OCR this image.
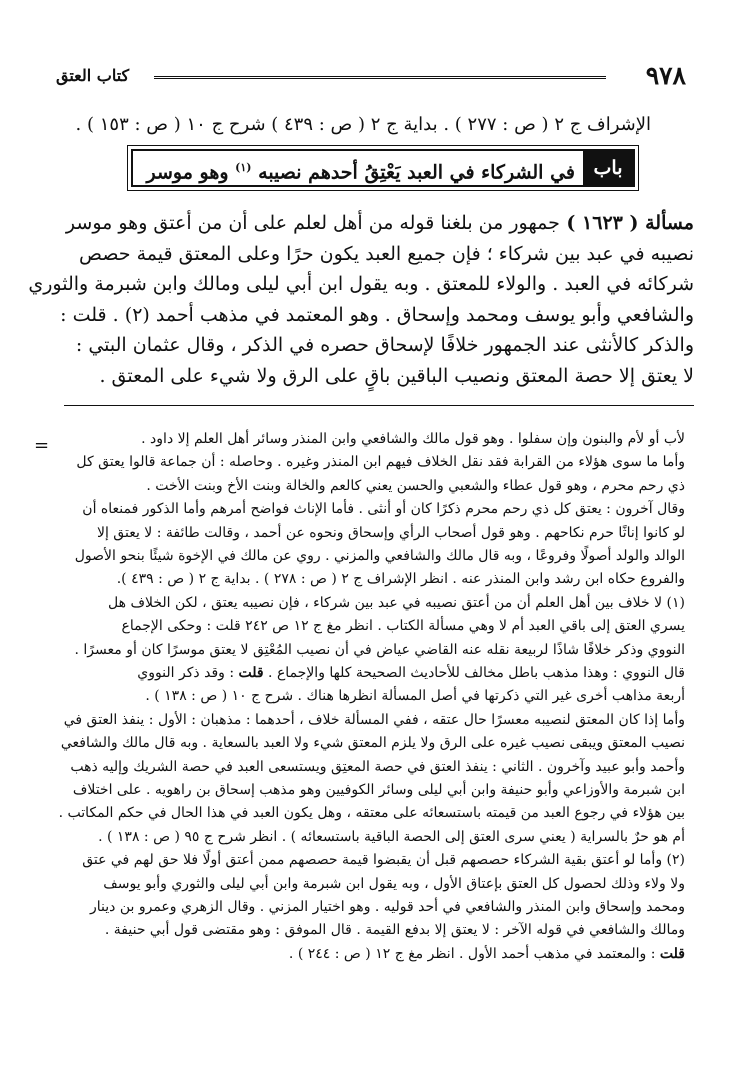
٩٧٨
كتاب العتق
الإشراف ج ٢ ( ص : ٢٧٧ ) . بداية ج ٢ ( ص : ٤٣٩ ) شرح ج ١٠ ( ص : ١٥٣ ) .
باب
في الشركاء في العبد يَعْتِقُ أحدهم نصيبه $^{(١)}$ وهو موسر
مسألة ( ١٦٢٣ ) جمهور من بلغنا قوله من أهل لعلم على أن من أعتق وهو موسر
نصيبه في عبد بين شركاء ؛ فإن جميع العبد يكون حرًا وعلى المعتق قيمة حصص
شركائه في العبد . والولاء للمعتق . وبه يقول ابن أبي ليلى ومالك وابن شبرمة والثوري
والشافعي وأبو يوسف ومحمد وإسحاق . وهو المعتمد في مذهب أحمد (٢) . قلت :
والذكر كالأنثى عند الجمهور خلافًا لإسحاق حصره في الذكر ، وقال عثمان البتي :
لا يعتق إلا حصة المعتق ونصيب الباقين باقٍ على الرق ولا شيء على المعتق .
=	لأب أو لأم والبنون وإن سفلوا . وهو قول مالك والشافعي وابن المنذر وسائر أهل العلم إلا داود .
وأما ما سوى هؤلاء من القرابة فقد نقل الخلاف فيهم ابن المنذر وغيره . وحاصله : أن جماعة قالوا يعتق كل
ذي رحم محرم ، وهو قول عطاء والشعبي والحسن يعني كالعم والخالة وبنت الأخ وبنت الأخت .
وقال آخرون : يعتق كل ذي رحم محرم ذكرًا كان أو أنثى . فأما الإناث فواضح أمرهم وأما الذكور فمنعاه أن
لو كانوا إناثًا حرم نكاحهم . وهو قول أصحاب الرأي وإسحاق ونحوه عن أحمد ، وقالت طائفة : لا يعتق إلا
الوالد والولد أصولًا وفروعًا ، وبه قال مالك والشافعي والمزني . روي عن مالك في الإخوة شيئًا بنحو الأصول
والفروع حكاه ابن رشد وابن المنذر عنه . انظر الإشراف ج ٢ ( ص : ٢٧٨ ) . بداية ج ٢ ( ص : ٤٣٩ ).
(١) لا خلاف بين أهل العلم أن من أعتق نصيبه في عبد بين شركاء ، فإن نصيبه يعتق ، لكن الخلاف هل
يسري العتق إلى باقي العبد أم لا وهي مسألة الكتاب . انظر مغ ج ١٢ ص ٢٤٢ قلت : وحكى الإجماع
النووي وذكر خلافًا شاذًا لربيعة نقله عنه القاضي عياض في أن نصيب المُعْتِق لا يعتق موسرًا كان أو معسرًا .
قال النووي : وهذا مذهب باطل مخالف للأحاديث الصحيحة كلها والإجماع . قلت : وقد ذكر النووي
أربعة مذاهب أخرى غير التي ذكرتها في أصل المسألة انظرها هناك . شرح ج ١٠ ( ص : ١٣٨ ) .
وأما إذا كان المعتق لنصيبه معسرًا حال عتقه ، ففي المسألة خلاف ، أحدهما : مذهبان : الأول : ينفذ العتق في
نصيب المعتق ويبقى نصيب غيره على الرق ولا يلزم المعتق شيء ولا العبد بالسعاية . وبه قال مالك والشافعي
وأحمد وأبو عبيد وآخرون . الثاني : ينفذ العتق في حصة المعتِق ويستسعى العبد في حصة الشريك وإليه ذهب
ابن شبرمة والأوزاعي وأبو حنيفة وابن أبي ليلى وسائر الكوفيين وهو مذهب إسحاق بن راهويه . على اختلاف
بين هؤلاء في رجوع العبد من قيمته باستسعائه على معتقه ، وهل يكون العبد في هذا الحال في حكم المكاتب .
أم هو حرٌ بالسراية ( يعني سرى العتق إلى الحصة الباقية باستسعائه ) . انظر شرح ج ٩٥ ( ص : ١٣٨ ) .
(٢) وأما لو أعتق بقية الشركاء حصصهم قبل أن يقبضوا قيمة حصصهم ممن أعتق أولًا فلا حق لهم في عتق
ولا ولاء وذلك لحصول كل العتق بإعتاق الأول ، وبه يقول ابن شبرمة وابن أبي ليلى والثوري وأبو يوسف
ومحمد وإسحاق وابن المنذر والشافعي في أحد قوليه . وهو اختيار المزني . وقال الزهري وعمرو بن دينار
ومالك والشافعي في قوله الآخر : لا يعتق إلا بدفع القيمة . قال الموفق : وهو مقتضى قول أبي حنيفة .
قلت : والمعتمد في مذهب أحمد الأول . انظر مغ ج ١٢ ( ص : ٢٤٤ ) .
